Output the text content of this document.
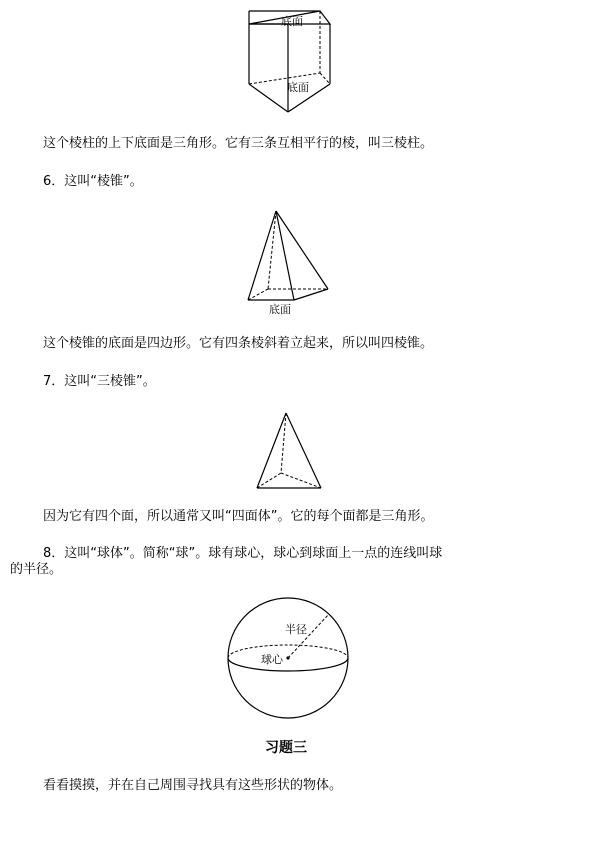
底面
底面
这个棱柱的上下底面是三角形。它有三条互相平行的棱，叫三棱柱。
6．这叫“棱锥”。
底面
这个棱锥的底面是四边形。它有四条棱斜着立起来，所以叫四棱锥。
7．这叫“三棱锥”。
因为它有四个面，所以通常又叫“四面体”。它的每个面都是三角形。
8．这叫“球体”。简称“球”。球有球心，球心到球面上一点的连线叫球
的半径。
半径
球心
习题三
看看摸摸，并在自己周围寻找具有这些形状的物体。
